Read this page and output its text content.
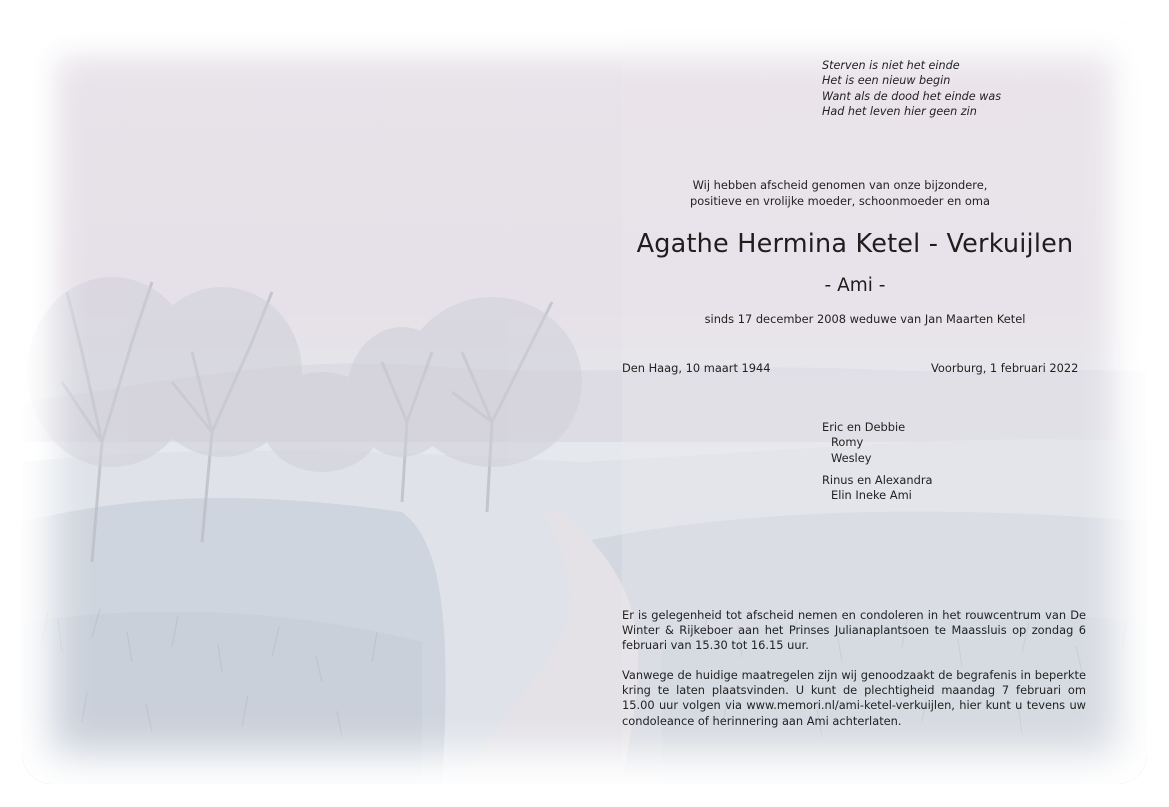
Sterven is niet het einde
Het is een nieuw begin
Want als de dood het einde was
Had het leven hier geen zin
Wij hebben afscheid genomen van onze bijzondere,
positieve en vrolijke moeder, schoonmoeder en oma
Agathe Hermina Ketel - Verkuijlen
- Ami -
sinds 17 december 2008 weduwe van Jan Maarten Ketel
Den Haag, 10 maart 1944	Voorburg, 1 februari 2022
Eric en Debbie
Romy
Wesley
Rinus en Alexandra
Elin Ineke Ami

Er is gelegenheid tot afscheid nemen en condoleren in het rouwcentrum van De Winter & Rijkeboer aan het Prinses Julianaplantsoen te Maassluis op zondag 6 februari van 15.30 tot 16.15 uur.

Vanwege de huidige maatregelen zijn wij genoodzaakt de begrafenis in beperkte kring te laten plaatsvinden. U kunt de plechtigheid maandag 7 februari om 15.00 uur volgen via www.memori.nl/ami-ketel-verkuijlen, hier kunt u tevens uw condoleance of herinnering aan Ami achterlaten.
